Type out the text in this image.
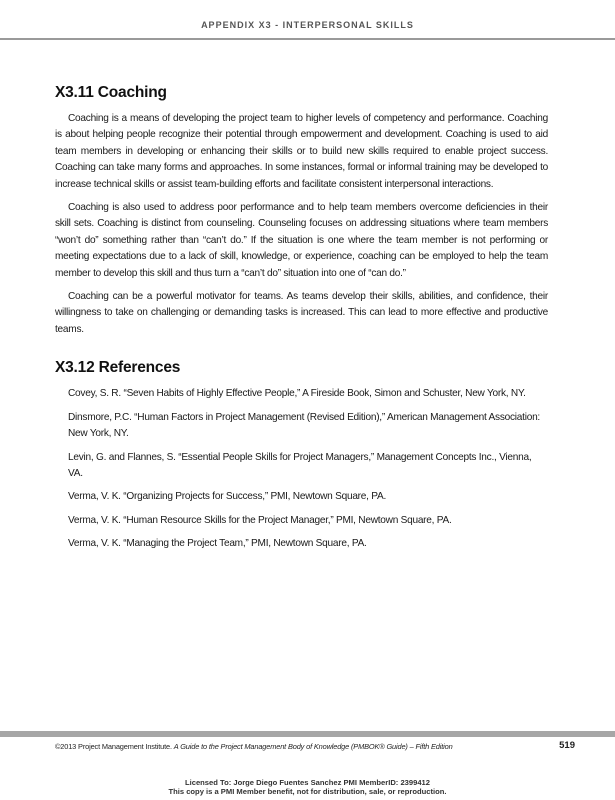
APPENDIX X3 - INTERPERSONAL SKILLS
X3.11 Coaching

Coaching is a means of developing the project team to higher levels of competency and performance. Coaching is about helping people recognize their potential through empowerment and development. Coaching is used to aid team members in developing or enhancing their skills or to build new skills required to enable project success. Coaching can take many forms and approaches. In some instances, formal or informal training may be developed to increase technical skills or assist team-building efforts and facilitate consistent interpersonal interactions.

Coaching is also used to address poor performance and to help team members overcome deficiencies in their skill sets. Coaching is distinct from counseling. Counseling focuses on addressing situations where team members “won’t do” something rather than “can’t do.” If the situation is one where the team member is not performing or meeting expectations due to a lack of skill, knowledge, or experience, coaching can be employed to help the team member to develop this skill and thus turn a “can’t do” situation into one of “can do.”

Coaching can be a powerful motivator for teams. As teams develop their skills, abilities, and confidence, their willingness to take on challenging or demanding tasks is increased. This can lead to more effective and productive teams.

X3.12 References
Covey, S. R. “Seven Habits of Highly Effective People,” A Fireside Book, Simon and Schuster, New York, NY.
Dinsmore, P.C. “Human Factors in Project Management (Revised Edition),” American Management Association: New York, NY.
Levin, G. and Flannes, S. “Essential People Skills for Project Managers,” Management Concepts Inc., Vienna, VA.
Verma, V. K. “Organizing Projects for Success,” PMI, Newtown Square, PA.
Verma, V. K. “Human Resource Skills for the Project Manager,” PMI, Newtown Square, PA.
Verma, V. K. “Managing the Project Team,” PMI, Newtown Square, PA.
©2013 Project Management Institute. A Guide to the Project Management Body of Knowledge (PMBOK® Guide) – Fifth Edition	519
Licensed To: Jorge Diego Fuentes Sanchez PMI MemberID: 2399412
This copy is a PMI Member benefit, not for distribution, sale, or reproduction.
